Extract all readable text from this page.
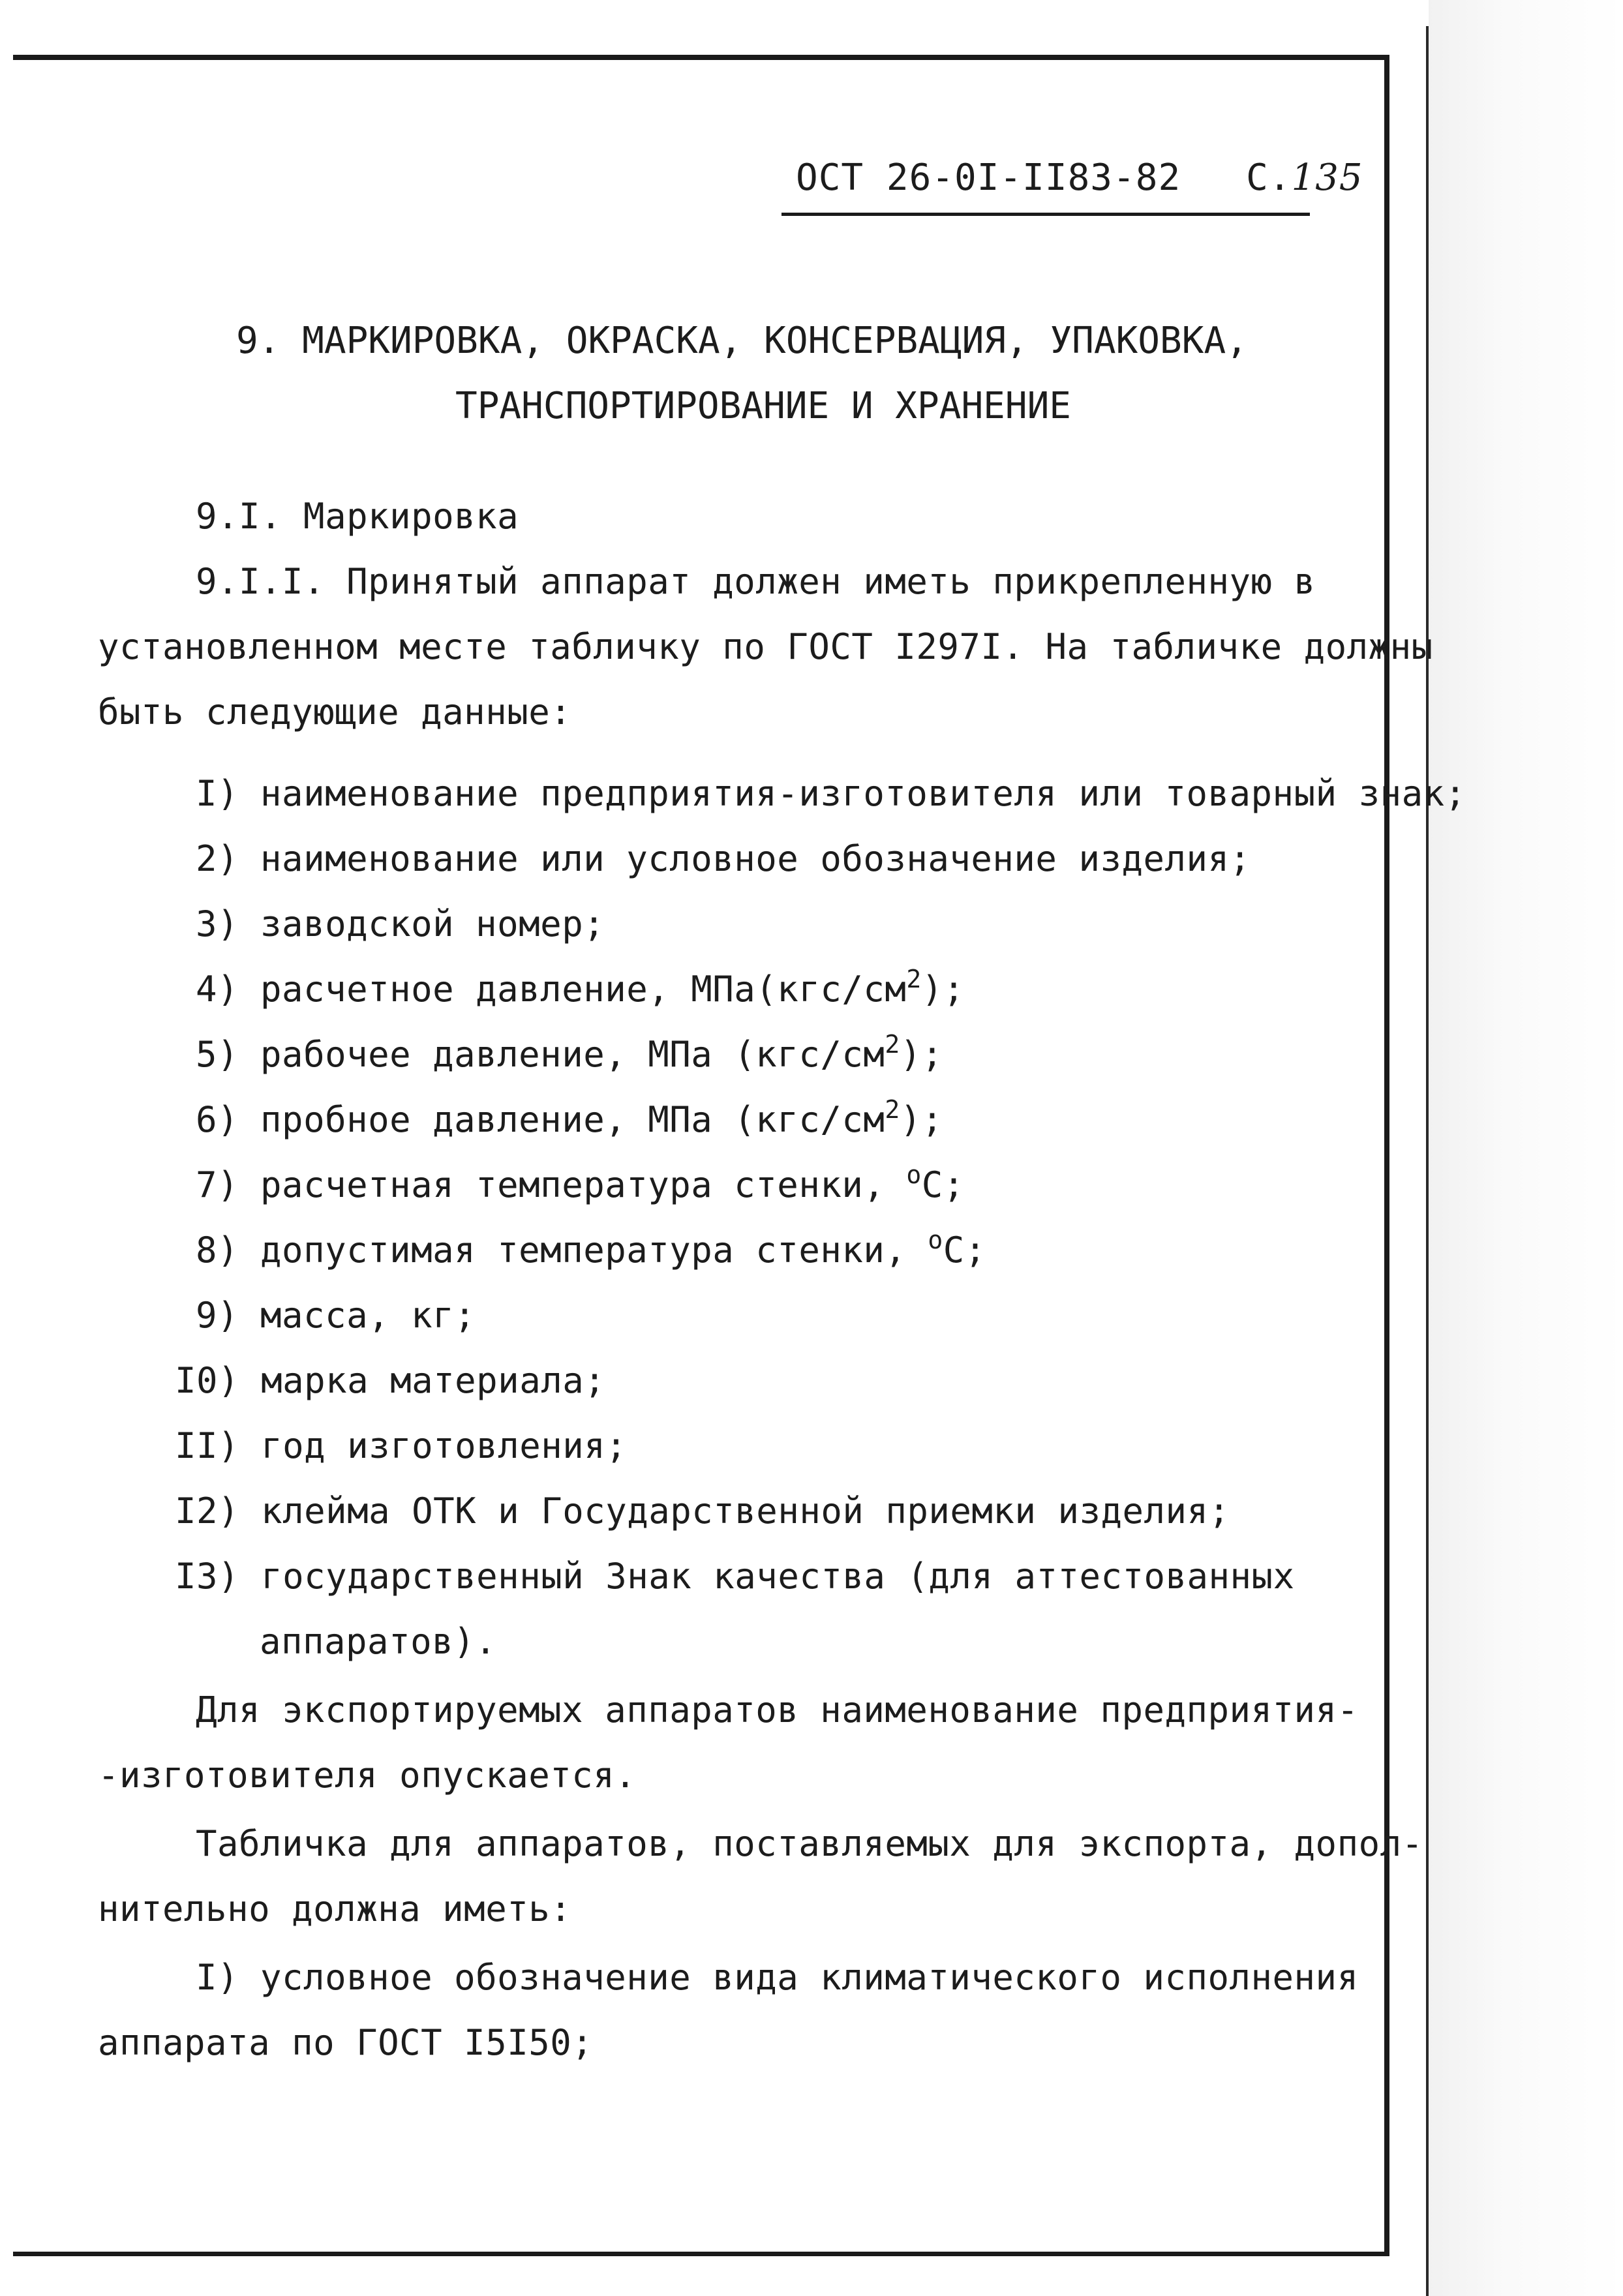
ОСТ 26-0I-II83-82 С.135
9. МАРКИРОВКА, ОКРАСКА, КОНСЕРВАЦИЯ, УПАКОВКА,
ТРАНСПОРТИРОВАНИЕ И ХРАНЕНИЕ
9.I. Маркировка
9.I.I. Принятый аппарат должен иметь прикрепленную в
установленном месте табличку по ГОСТ I297I. На табличке должны
быть следующие данные:
I) наименование предприятия-изготовителя или товарный знак;
2) наименование или условное обозначение изделия;
3) заводской номер;
4) расчетное давление, $МПа(кгс/см^2)$;
5) рабочее давление, МПа $(кгс/см^2)$;
6) пробное давление, МПа $(кгс/см^2)$;
7) расчетная температура стенки, $^о$С;
8) допустимая температура стенки, $^о$С;
9) масса, кг;
I0) марка материала;
II) год изготовления;
I2) клейма ОТК и Государственной приемки изделия;
I3) государственный Знак качества (для аттестованных
аппаратов).
Для экспортируемых аппаратов наименование предприятия-
-изготовителя опускается.
Табличка для аппаратов, поставляемых для экспорта, допол-
нительно должна иметь:
I) условное обозначение вида климатического исполнения
аппарата по ГОСТ I5I50;
